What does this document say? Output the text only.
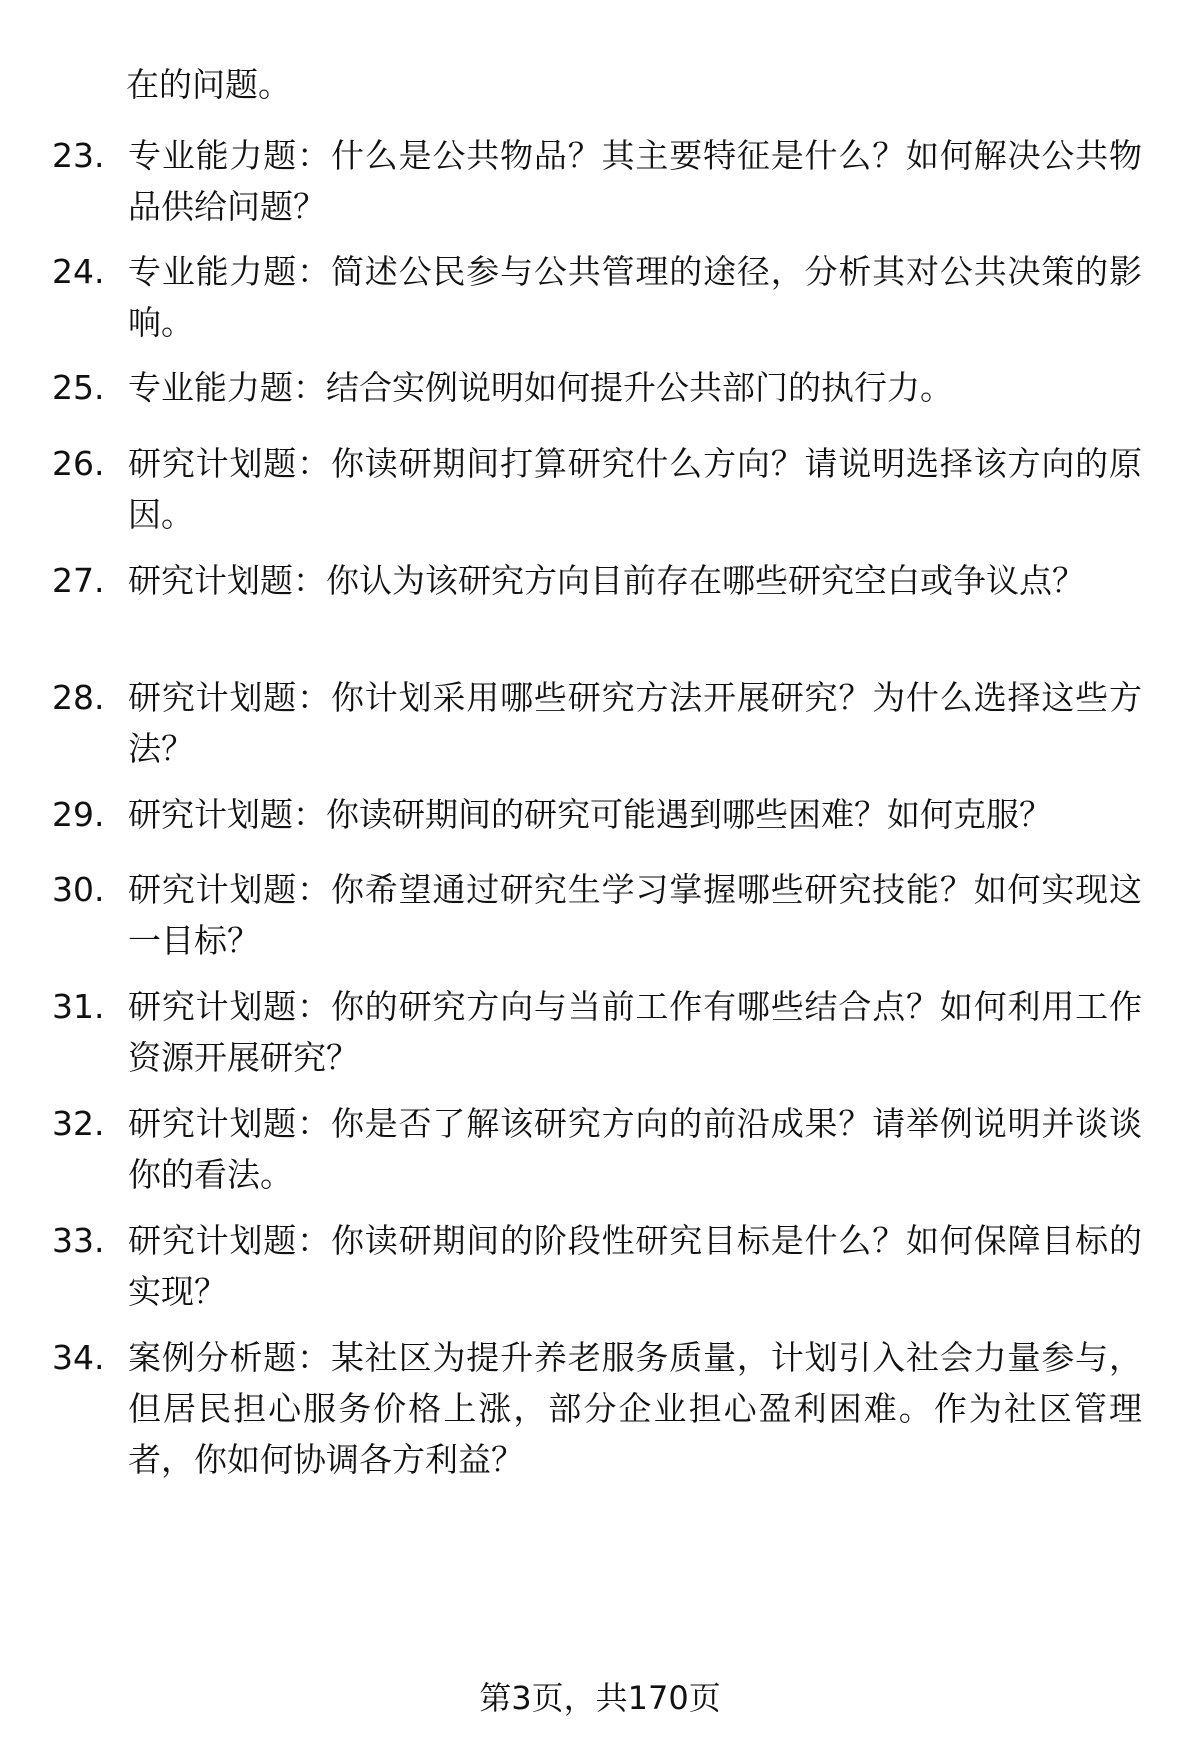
在的问题。
23. 专业能力题：什么是公共物品？其主要特征是什么？如何解决公共物品供给问题？
24. 专业能力题：简述公民参与公共管理的途径，分析其对公共决策的影响。
25. 专业能力题：结合实例说明如何提升公共部门的执行力。
26. 研究计划题：你读研期间打算研究什么方向？请说明选择该方向的原因。
27. 研究计划题：你认为该研究方向目前存在哪些研究空白或争议点？
28. 研究计划题：你计划采用哪些研究方法开展研究？为什么选择这些方法？
29. 研究计划题：你读研期间的研究可能遇到哪些困难？如何克服？
30. 研究计划题：你希望通过研究生学习掌握哪些研究技能？如何实现这一目标？
31. 研究计划题：你的研究方向与当前工作有哪些结合点？如何利用工作资源开展研究？
32. 研究计划题：你是否了解该研究方向的前沿成果？请举例说明并谈谈你的看法。
33. 研究计划题：你读研期间的阶段性研究目标是什么？如何保障目标的实现？
34. 案例分析题：某社区为提升养老服务质量，计划引入社会力量参与，但居民担心服务价格上涨，部分企业担心盈利困难。作为社区管理者，你如何协调各方利益？
第3页，共170页
